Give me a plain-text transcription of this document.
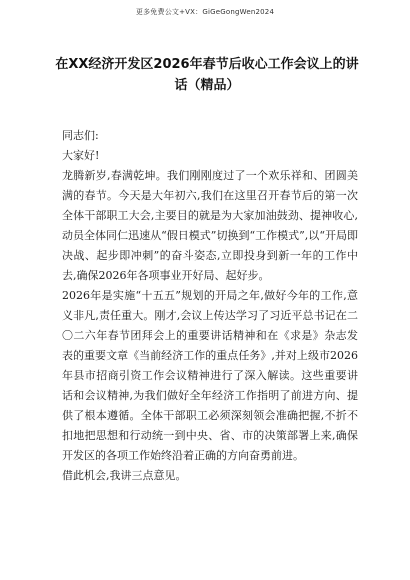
更多免费公文+VX：GiGeGongWen2024
在XX经济开发区2026年春节后收心工作会议上的讲话（精品）

同志们:

大家好!

龙腾新岁,春满乾坤。我们刚刚度过了一个欢乐祥和、团圆美满的春节。今天是大年初六,我们在这里召开春节后的第一次全体干部职工大会,主要目的就是为大家加油鼓劲、提神收心,动员全体同仁迅速从“假日模式”切换到“工作模式”,以“开局即决战、起步即冲刺”的奋斗姿态,立即投身到新一年的工作中去,确保2026年各项事业开好局、起好步。

2026年是实施“十五五”规划的开局之年,做好今年的工作,意义非凡,责任重大。刚才,会议上传达学习了习近平总书记在二〇二六年春节团拜会上的重要讲话精神和在《求是》杂志发表的重要文章《当前经济工作的重点任务》,并对上级市2026年县市招商引资工作会议精神进行了深入解读。这些重要讲话和会议精神,为我们做好全年经济工作指明了前进方向、提供了根本遵循。全体干部职工必须深刻领会准确把握,不折不扣地把思想和行动统一到中央、省、市的决策部署上来,确保开发区的各项工作始终沿着正确的方向奋勇前进。

借此机会,我讲三点意见。
